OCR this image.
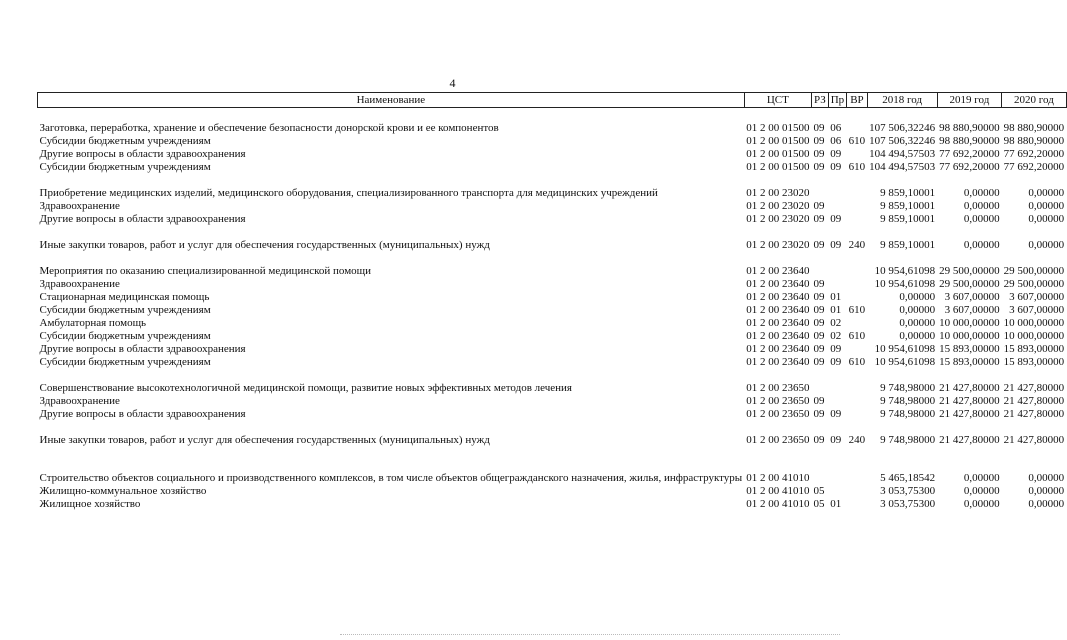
4
Наименование	ЦСТ	РЗ	Пр	ВР	2018 год	2019 год	2020 год
Заготовка, переработка, хранение и обеспечение безопасности донорской крови и ее компонентов	01 2 00 01500	09	06		107 506,32246	98 880,90000	98 880,90000
Субсидии бюджетным учреждениям	01 2 00 01500	09	06	610	107 506,32246	98 880,90000	98 880,90000
Другие вопросы в области здравоохранения	01 2 00 01500	09	09		104 494,57503	77 692,20000	77 692,20000
Субсидии бюджетным учреждениям	01 2 00 01500	09	09	610	104 494,57503	77 692,20000	77 692,20000
Приобретение медицинских изделий, медицинского оборудования, специализированного транспорта для медицинских учреждений	01 2 00 23020				9 859,10001	0,00000	0,00000
Здравоохранение	01 2 00 23020	09			9 859,10001	0,00000	0,00000
Другие вопросы в области здравоохранения	01 2 00 23020	09	09		9 859,10001	0,00000	0,00000
Иные закупки товаров, работ и услуг для обеспечения государственных (муниципальных) нужд	01 2 00 23020	09	09	240	9 859,10001	0,00000	0,00000
Мероприятия по оказанию специализированной медицинской помощи	01 2 00 23640				10 954,61098	29 500,00000	29 500,00000
Здравоохранение	01 2 00 23640	09			10 954,61098	29 500,00000	29 500,00000
Стационарная медицинская помощь	01 2 00 23640	09	01		0,00000	3 607,00000	3 607,00000
Субсидии бюджетным учреждениям	01 2 00 23640	09	01	610	0,00000	3 607,00000	3 607,00000
Амбулаторная помощь	01 2 00 23640	09	02		0,00000	10 000,00000	10 000,00000
Субсидии бюджетным учреждениям	01 2 00 23640	09	02	610	0,00000	10 000,00000	10 000,00000
Другие вопросы в области здравоохранения	01 2 00 23640	09	09		10 954,61098	15 893,00000	15 893,00000
Субсидии бюджетным учреждениям	01 2 00 23640	09	09	610	10 954,61098	15 893,00000	15 893,00000
Совершенствование высокотехнологичной медицинской помощи, развитие новых эффективных методов лечения	01 2 00 23650				9 748,98000	21 427,80000	21 427,80000
Здравоохранение	01 2 00 23650	09			9 748,98000	21 427,80000	21 427,80000
Другие вопросы в области здравоохранения	01 2 00 23650	09	09		9 748,98000	21 427,80000	21 427,80000
Иные закупки товаров, работ и услуг для обеспечения государственных (муниципальных) нужд	01 2 00 23650	09	09	240	9 748,98000	21 427,80000	21 427,80000
Строительство объектов социального и производственного комплексов, в том числе объектов общегражданского назначения, жилья, инфраструктуры	01 2 00 41010				5 465,18542	0,00000	0,00000
Жилищно-коммунальное хозяйство	01 2 00 41010	05			3 053,75300	0,00000	0,00000
Жилищное хозяйство	01 2 00 41010	05	01		3 053,75300	0,00000	0,00000
